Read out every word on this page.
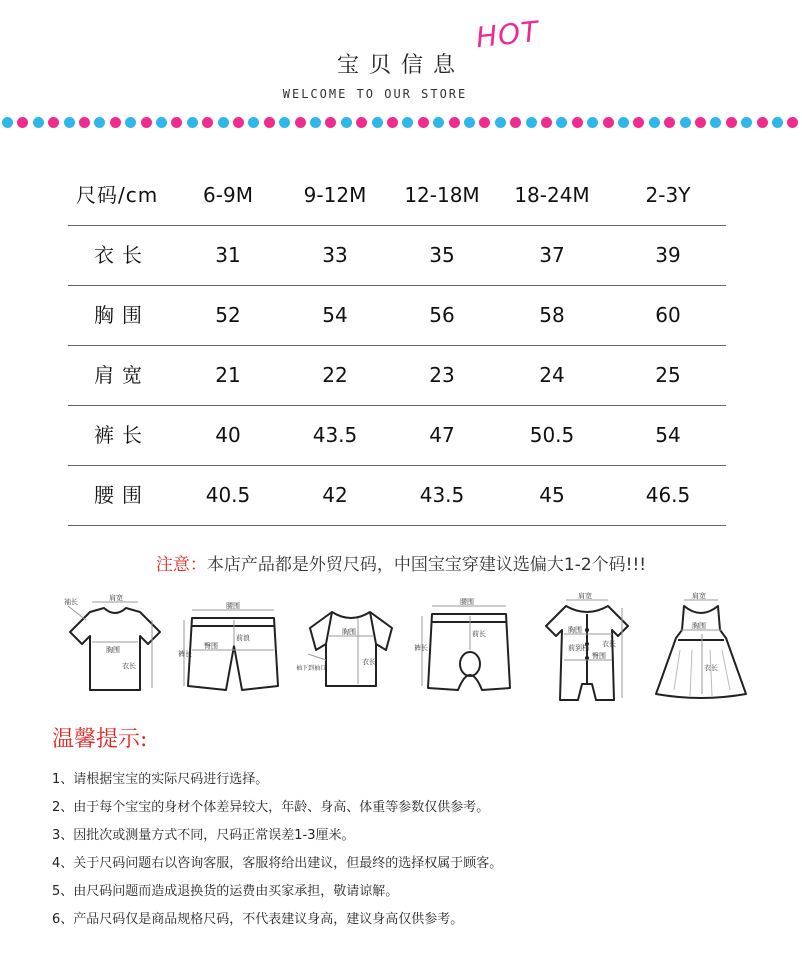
宝贝信息
HOT
WELCOME TO OUR STORE
尺码/cm	6-9M	9-12M	12-18M	18-24M	2-3Y
衣长	31	33	35	37	39
胸围	52	54	56	58	60
肩宽	21	22	23	24	25
裤长	40	43.5	47	50.5	54
腰围	40.5	42	43.5	45	46.5
注意：本店产品都是外贸尺码，中国宝宝穿建议选偏大1-2个码!!!
肩宽
衣长
胸围
袖长	腰围
臀围
裤长
前浪
胸围
衣长
袖下到袖口
腰围
裤长
前长
肩宽
胸围
臀围
衣长
前到档
肩宽
胸围
衣长
温馨提示:
1、请根据宝宝的实际尺码进行选择。
2、由于每个宝宝的身材个体差异较大，年龄、身高、体重等参数仅供参考。
3、因批次或测量方式不同，尺码正常误差1-3厘米。
4、关于尺码问题右以咨询客服，客服将给出建议，但最终的选择权属于顾客。
5、由尺码问题而造成退换货的运费由买家承担，敬请谅解。
6、产品尺码仅是商品规格尺码，不代表建议身高，建议身高仅供参考。
